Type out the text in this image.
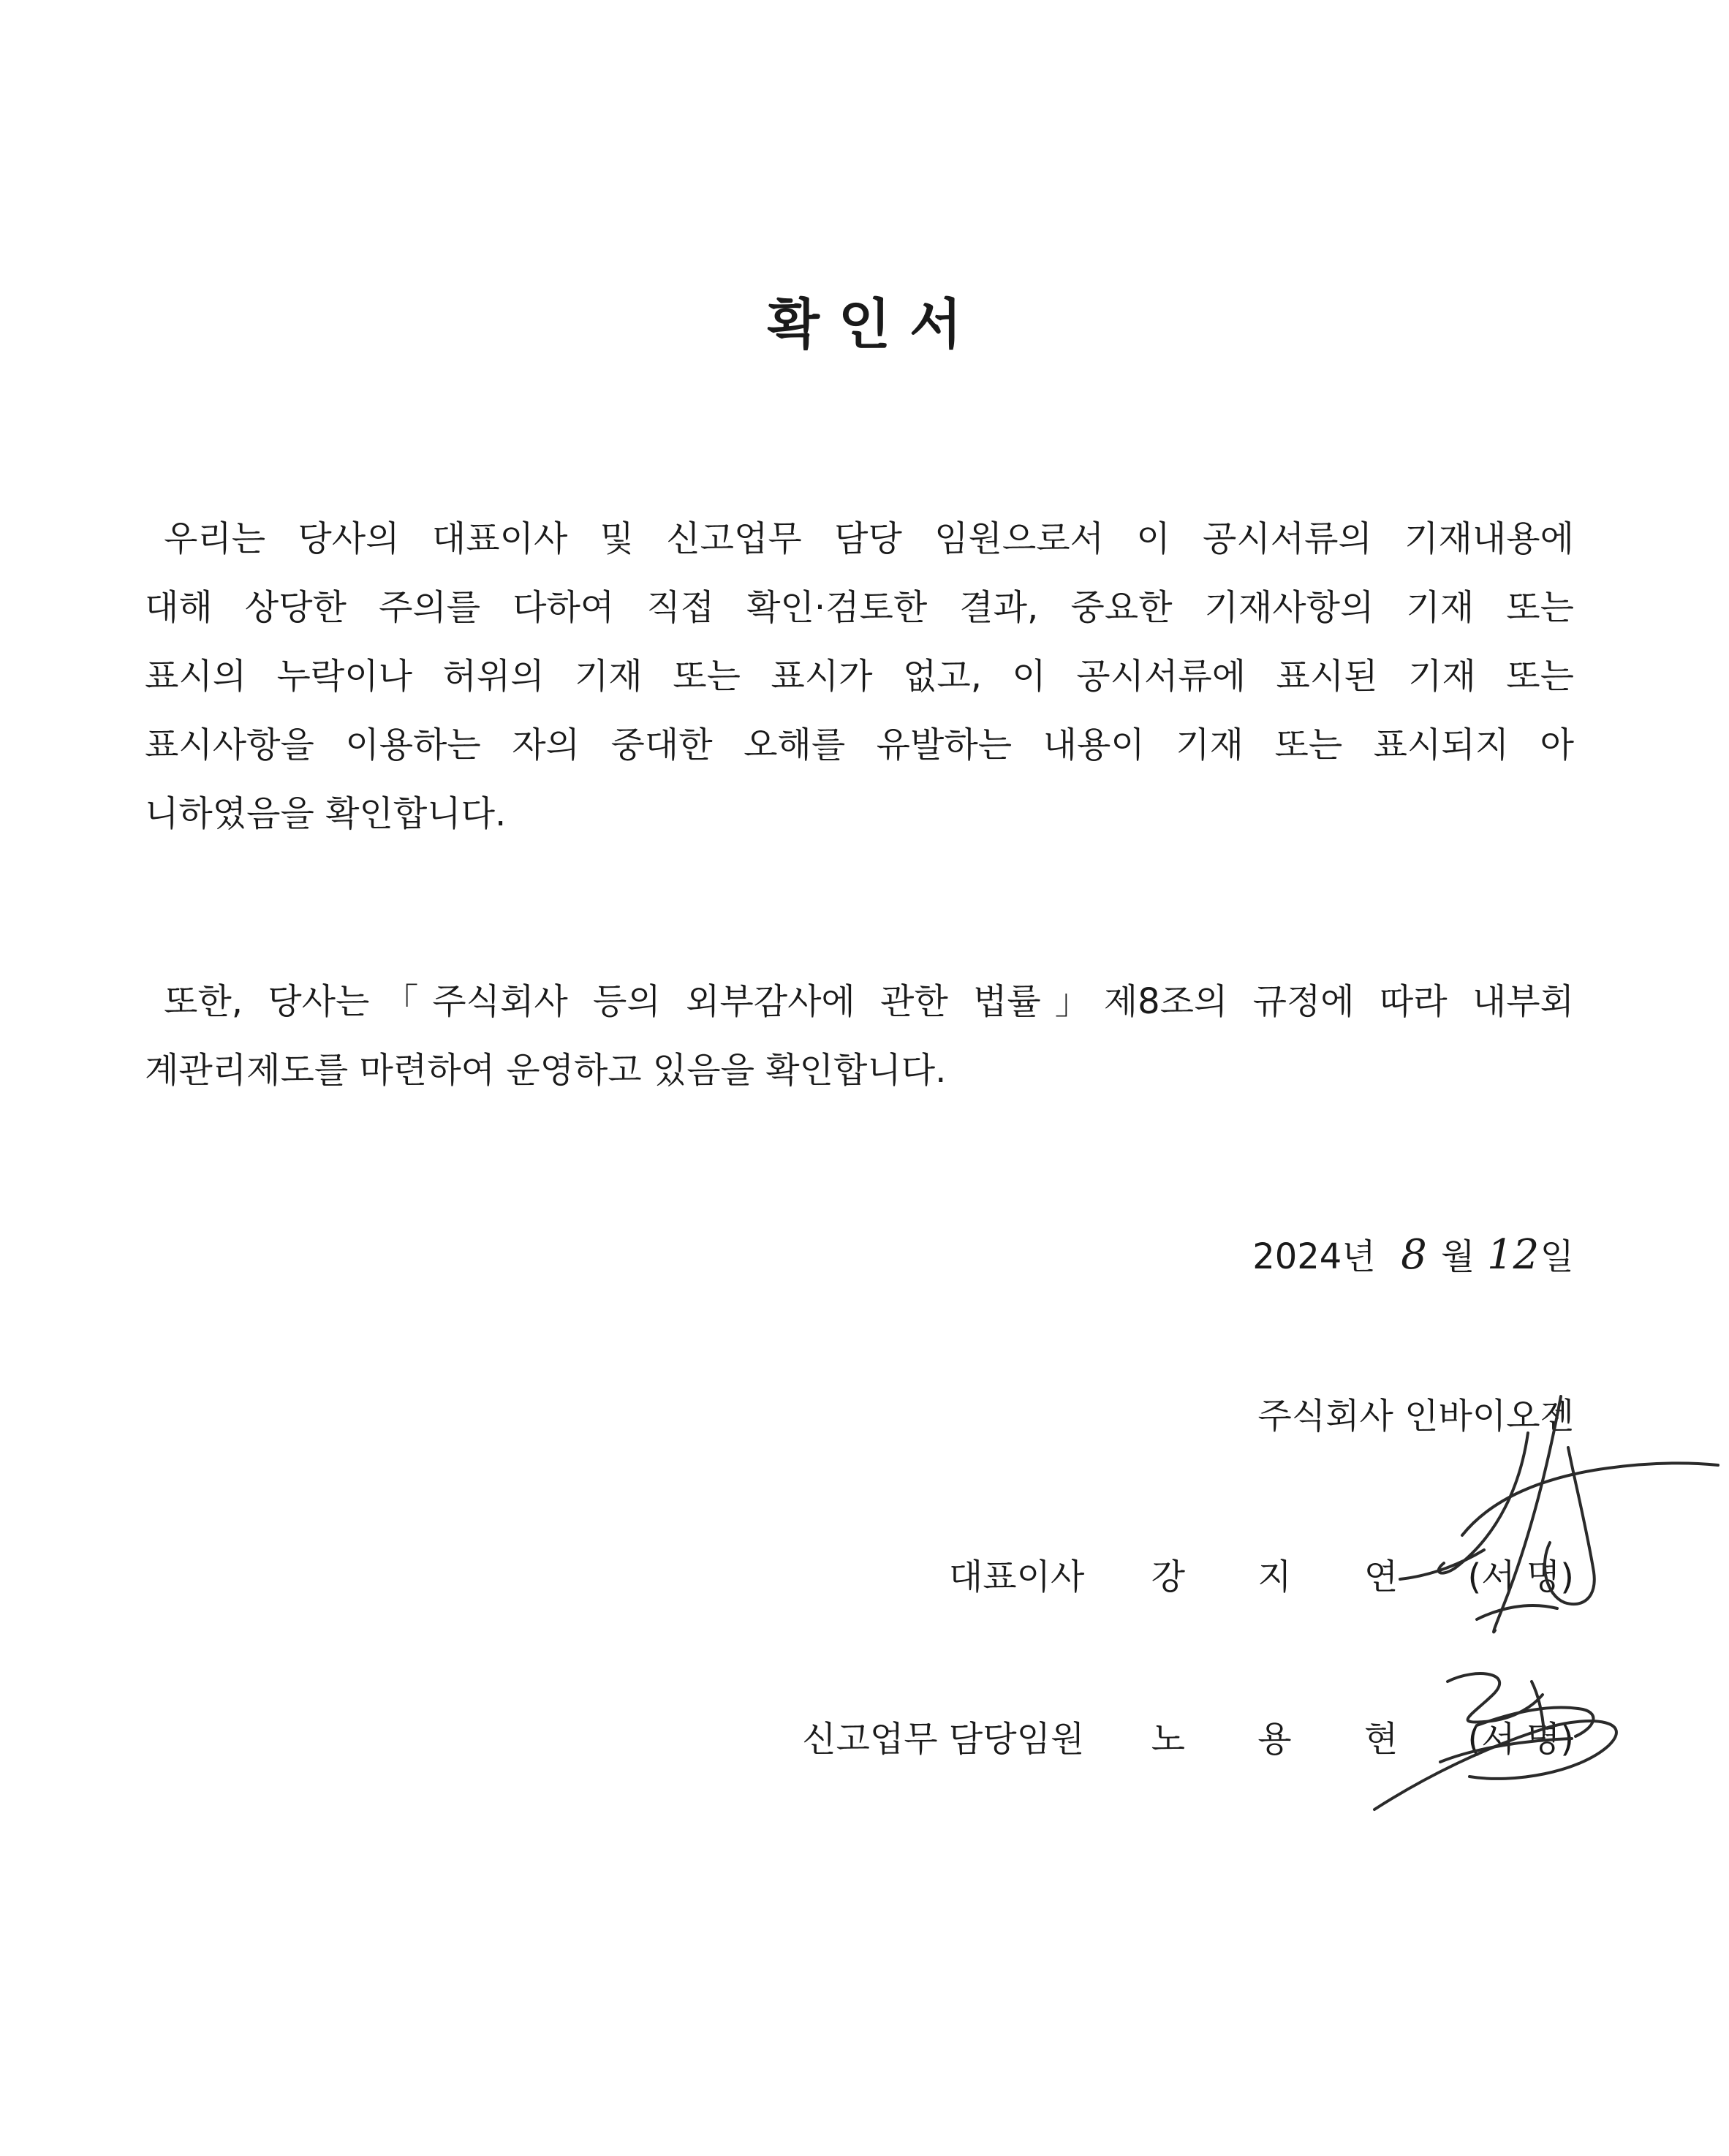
확 인 서
우리는 당사의 대표이사 및 신고업무 담당 임원으로서 이 공시서류의 기재내용에
대해 상당한 주의를 다하여 직접 확인·검토한 결과, 중요한 기재사항의 기재 또는
표시의 누락이나 허위의 기재 또는 표시가 없고, 이 공시서류에 표시된 기재 또는
표시사항을 이용하는 자의 중대한 오해를 유발하는 내용이 기재 또는 표시되지 아
니하였음을 확인합니다.
또한, 당사는「주식회사 등의 외부감사에 관한 법률」제8조의 규정에 따라 내부회
계관리제도를 마련하여 운영하고 있음을 확인합니다.
2024년 8 월 12일
주식회사 인바이오젠
대표이사 강 지 연 (서 명)
신고업무 담당임원 노 용 현 (서 명)
